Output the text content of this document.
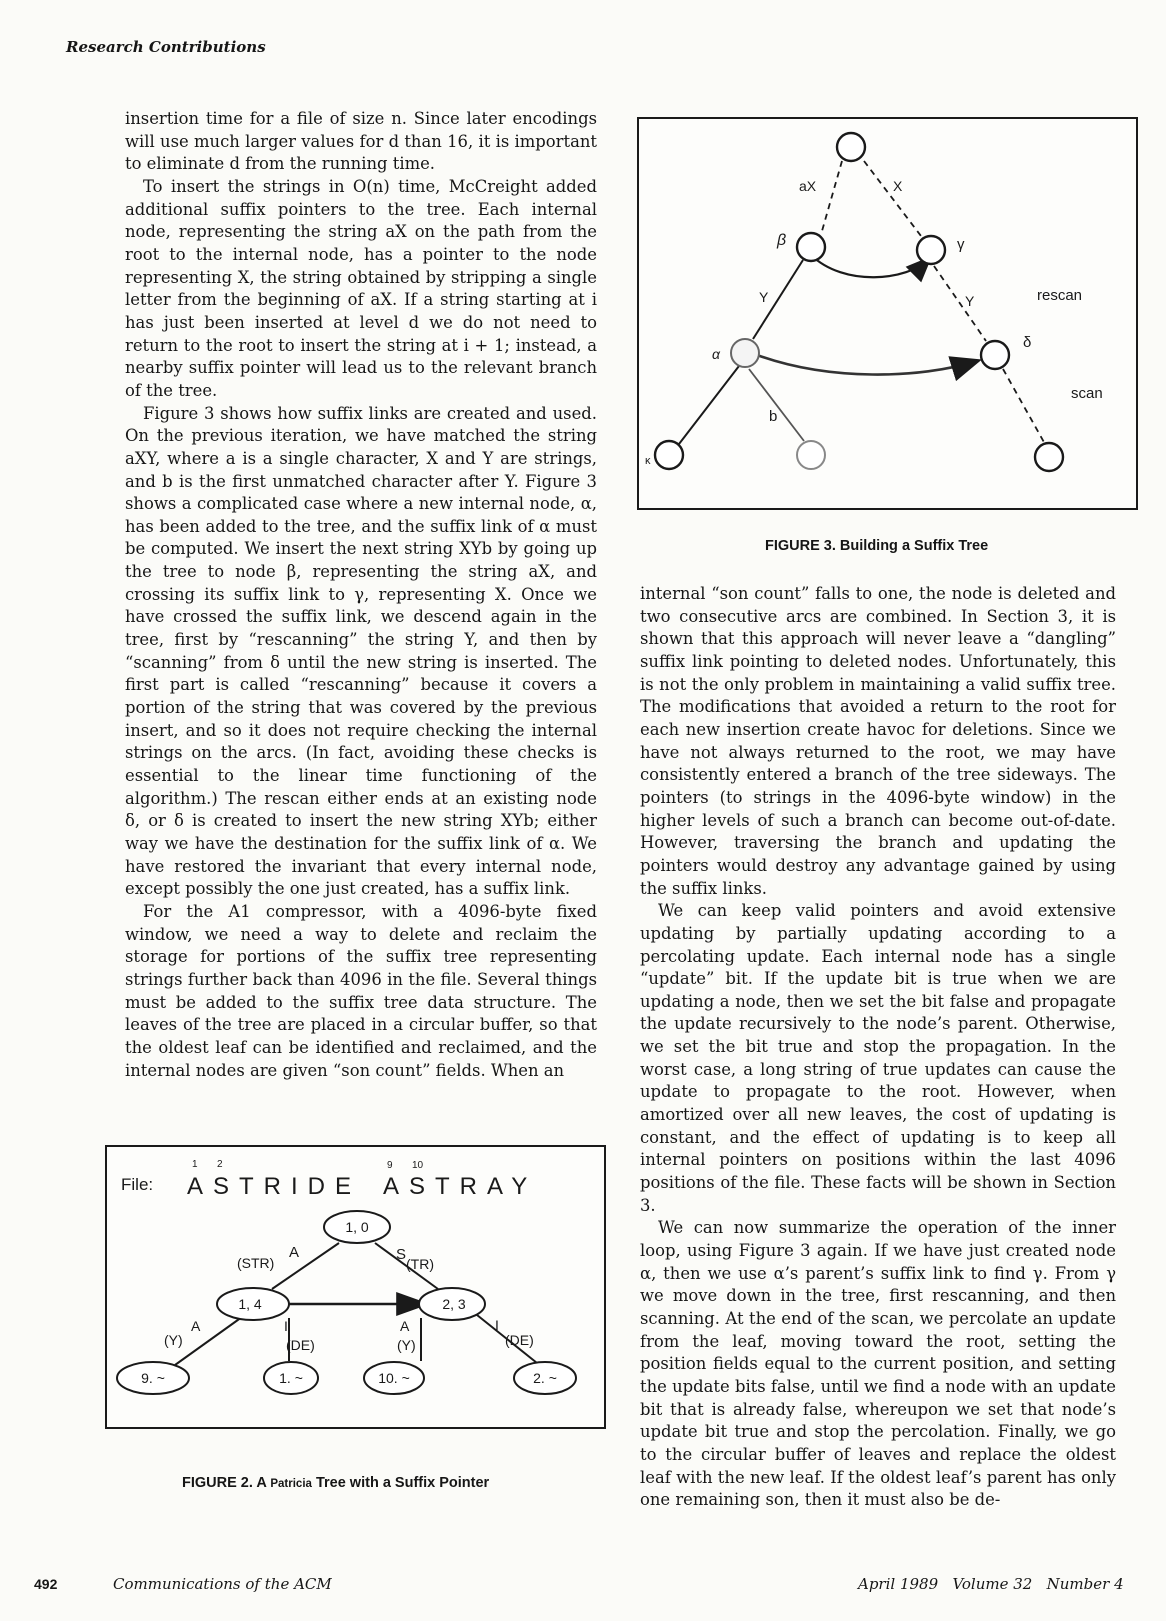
Research Contributions

insertion time for a file of size n. Since later encodings will use much larger values for d than 16, it is important to eliminate d from the running time.

To insert the strings in O(n) time, McCreight added additional suffix pointers to the tree. Each internal node, representing the string aX on the path from the root to the internal node, has a pointer to the node representing X, the string obtained by stripping a single letter from the beginning of aX. If a string starting at i has just been inserted at level d we do not need to return to the root to insert the string at i + 1; instead, a nearby suffix pointer will lead us to the relevant branch of the tree.

Figure 3 shows how suffix links are created and used. On the previous iteration, we have matched the string aXY, where a is a single character, X and Y are strings, and b is the first unmatched character after Y. Figure 3 shows a complicated case where a new internal node, α, has been added to the tree, and the suffix link of α must be computed. We insert the next string XYb by going up the tree to node β, representing the string aX, and crossing its suffix link to γ, representing X. Once we have crossed the suffix link, we descend again in the tree, first by “rescanning” the string Y, and then by “scanning” from δ until the new string is inserted. The first part is called “rescanning” because it covers a portion of the string that was covered by the previous insert, and so it does not require checking the internal strings on the arcs. (In fact, avoiding these checks is essential to the linear time functioning of the algorithm.) The rescan either ends at an existing node δ, or δ is created to insert the new string XYb; either way we have the destination for the suffix link of α. We have restored the invariant that every internal node, except possibly the one just created, has a suffix link.

For the A1 compressor, with a 4096-byte fixed window, we need a way to delete and reclaim the storage for portions of the suffix tree representing strings further back than 4096 in the file. Several things must be added to the suffix tree data structure. The leaves of the tree are placed in a circular buffer, so that the oldest leaf can be identified and reclaimed, and the internal nodes are given “son count” fields. When an

aX	X
β	γ
Y	Y	rescan
δ
α
scan
b
κ
FIGURE 3. Building a Suffix Tree
File: ASTRIDE ASTRAY
1 2	9 10
1, 0
1, 4	2, 3
9. ~	1. ~	10. ~	2. ~
A
(STR)	S
(TR)
A
(Y)
I
(DE)
A
(Y)
I
(DE)
FIGURE 2. A Patricia Tree with a Suffix Pointer

internal “son count” falls to one, the node is deleted and two consecutive arcs are combined. In Section 3, it is shown that this approach will never leave a “dangling” suffix link pointing to deleted nodes. Unfortunately, this is not the only problem in maintaining a valid suffix tree. The modifications that avoided a return to the root for each new insertion create havoc for deletions. Since we have not always returned to the root, we may have consistently entered a branch of the tree sideways. The pointers (to strings in the 4096-byte window) in the higher levels of such a branch can become out-of-date. However, traversing the branch and updating the pointers would destroy any advantage gained by using the suffix links.

We can keep valid pointers and avoid extensive updating by partially updating according to a percolating update. Each internal node has a single “update” bit. If the update bit is true when we are updating a node, then we set the bit false and propagate the update recursively to the node’s parent. Otherwise, we set the bit true and stop the propagation. In the worst case, a long string of true updates can cause the update to propagate to the root. However, when amortized over all new leaves, the cost of updating is constant, and the effect of updating is to keep all internal pointers on positions within the last 4096 positions of the file. These facts will be shown in Section 3.

We can now summarize the operation of the inner loop, using Figure 3 again. If we have just created node α, then we use α’s parent’s suffix link to find γ. From γ we move down in the tree, first rescanning, and then scanning. At the end of the scan, we percolate an update from the leaf, moving toward the root, setting the position fields equal to the current position, and setting the update bits false, until we find a node with an update bit that is already false, whereupon we set that node’s update bit true and stop the percolation. Finally, we go to the circular buffer of leaves and replace the oldest leaf with the new leaf. If the oldest leaf’s parent has only one remaining son, then it must also be de-

492	Communications of the ACM	April 1989   Volume 32   Number 4
